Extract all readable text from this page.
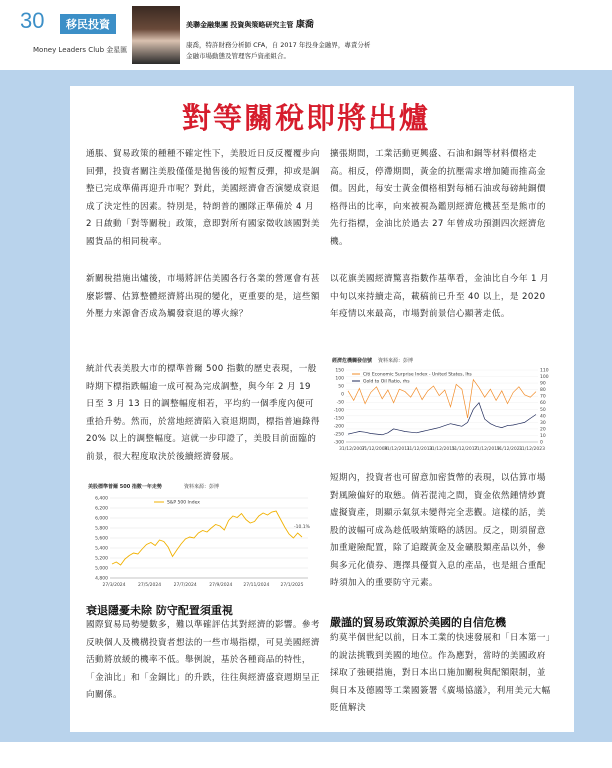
30	移民投資
Money Leaders Club 金星匯
美聯金融集團 投資與策略研究主管 康喬
康喬，特許財務分析師 CFA，自 2017 年投身金融界，專責分析金融市場動態及管理客戶資產組合。
對等關稅即將出爐

通脹、貿易政策的種種不確定性下，美股近日反反覆覆步向回彈，投資者關注美股僅僅是拋售後的短暫反彈，抑或是調整已完成準備再迎升市呢？對此，美國經濟會否演變成衰退成了決定性的因素。特別是，特朗普的團隊正準備於 4 月 2 日啟動「對等關稅」政策，意即對所有國家徵收該國對美國貨品的相同稅率。

新關稅措施出爐後，市場將評估美國各行各業的營運會有甚麼影響、估算整體經濟將出現的變化，更重要的是，這些額外壓力來源會否成為觸發衰退的導火線？

統計代表美股大市的標準普爾 500 指數的歷史表現，一般時期下標指跌幅逾一成可視為完成調整，與今年 2 月 19 日至 3 月 13 日的調整幅度相若，平均約一個季度內便可重拾升勢。然而，於當地經濟陷入衰退期間，標指普遍錄得 20% 以上的調整幅度。這就一步印證了，美股目前面臨的前景，很大程度取決於後續經濟發展。

美股標準普爾 500 指數一年走勢	資料來源：彭博
4,800
5,000
5,200
5,400
5,600
5,800
6,000
6,200
6,400
27/3/2024	27/5/2024	27/7/2024	27/9/2024 27/11/2024 27/1/2025
S&P 500 Index
-10.1%
衰退隱憂未除 防守配置須重視

國際貿易局勢變數多，難以準確評估其對經濟的影響。參考反映個人及機構投資者想法的一些市場指標，可見美國經濟活動將放緩的機率不低。舉例說，基於各種商品的特性，「金油比」和「金銅比」的升跌，往往與經濟盛衰週期呈正向關係。

擴張期間，工業活動更興盛、石油和銅等材料價格走高。相反，停滯期間，黃金的抗壓需求增加隨而推高金價。因此，每安士黃金價格相對每桶石油或每磅純銅價格得出的比率，向來被視為鑑別經濟危機甚至是熊市的先行指標，金油比於過去 27 年曾成功預測四次經濟危機。

以花旗美國經濟驚喜指數作基準看，金油比自今年 1 月中旬以來持續走高，載稿前已升至 40 以上，是 2020 年疫情以來最高，市場對前景信心顯著走低。

經濟危機觸發信號 資料來源：彭博
150
100
50
0
-50
-100
-150
-200
-250
-300
110
100
90
80
70
60
50
40
30
20
10
0
31/12/2007
31/12/2009
31/12/2011
31/12/2013
31/12/2015
31/12/2017
31/12/2019
31/12/2021
31/12/2023
Citi Economic Surprise Index - United States, lhs
Gold to Oil Ratio, rhs

短期內，投資者也可留意加密貨幣的表現，以估算市場對風險偏好的取態。倘若混沌之間，資金依然鍾情炒賣虛擬資產，則顯示氣氛未變得完全悲觀。這樣的話，美股的波幅可成為趁低吸納策略的誘因。反之，則須留意加重避險配置，除了追蹤黃金及金礦股類產品以外，參與多元化債券、選擇具優質入息的產品，也是組合重配時須加入的重要防守元素。

嚴謹的貿易政策源於美國的自信危機

約莫半個世紀以前，日本工業的快速發展和「日本第一」的說法挑戰到美國的地位。作為應對，當時的美國政府採取了強硬措施，對日本出口施加關稅與配額限制，並與日本及德國等工業國簽署《廣場協議》，利用美元大幅貶值解決
